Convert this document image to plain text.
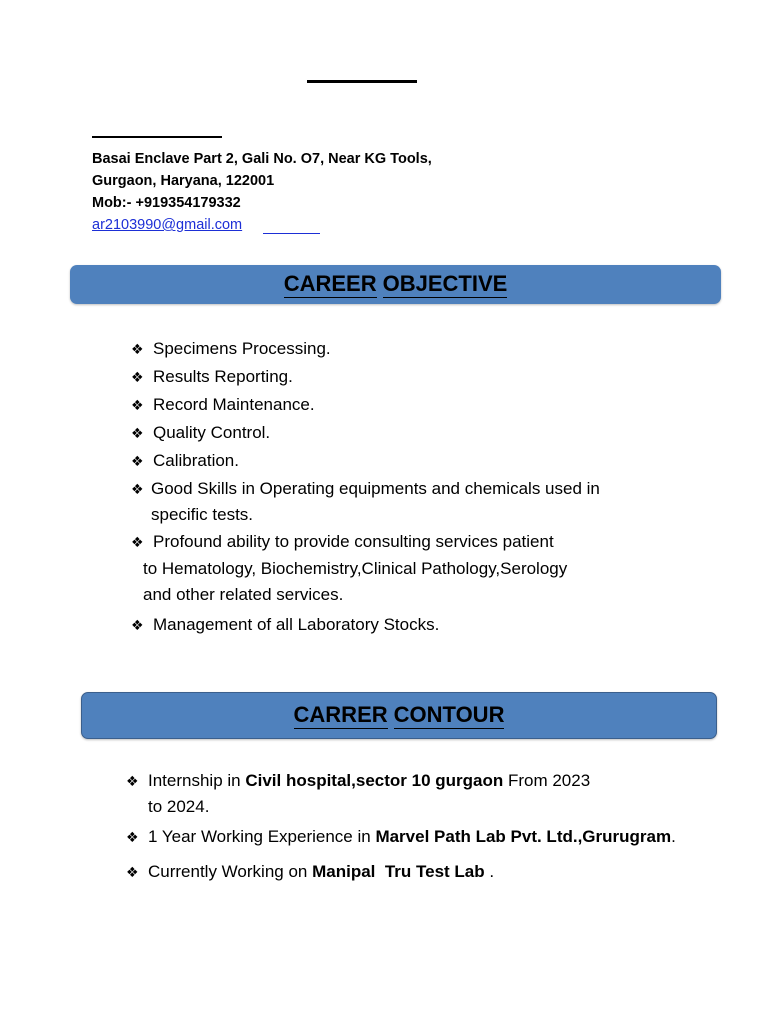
Basai Enclave Part 2, Gali No. O7, Near KG Tools,
Gurgaon, Haryana, 122001
Mob:- +919354179332
ar2103990@gmail.com
CAREER OBJECTIVE
❖ Specimens Processing.
❖ Results Reporting.
❖ Record Maintenance.
❖ Quality Control.
❖ Calibration.
❖ Good Skills in Operating equipments and chemicals used in
specific tests.
❖ Profound ability to provide consulting services patient
to Hematology, Biochemistry,Clinical Pathology,Serology
and other related services.
❖ Management of all Laboratory Stocks.
CARRER CONTOUR
❖ Internship in Civil hospital,sector 10 gurgaon From 2023
to 2024.
❖ 1 Year Working Experience in Marvel Path Lab Pvt. Ltd.,Grurugram.
❖ Currently Working on Manipal  Tru Test Lab .
